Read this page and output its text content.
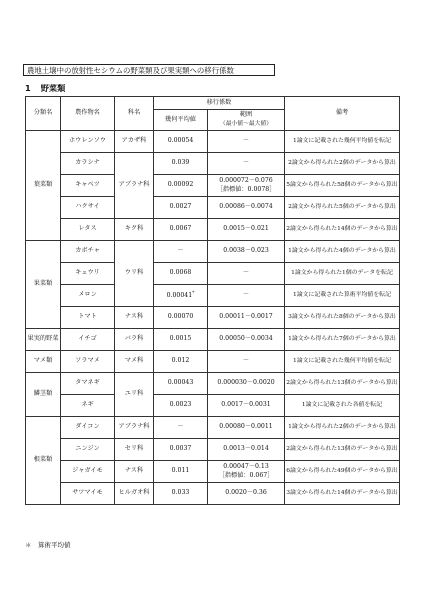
農地土壌中の放射性セシウムの野菜類及び果実類への移行係数
1 野菜類
分類名	農作物名	科名	移行係数		備考
			幾何平均値	範囲
（最小値～最大値）	
葉菜類	ホウレンソウ	アカザ科	0.00054	－	1論文に記載された幾何平均値を転記
	カラシナ	アブラナ科	0.039	－	2論文から得られた2個のデータから算出
	キャベツ		0.00092	0.000072－0.076
［指標値：0.0078］	5論文から得られた58個のデータから算出
	ハクサイ		0.0027	0.00086－0.0074	2論文から得られた5個のデータから算出
	レタス	キク科	0.0067	0.0015－0.021	2論文から得られた14個のデータから算出
果菜類	カボチャ	ウリ科	－	0.0038－0.023	1論文から得られた4個のデータから算出
	キュウリ		0.0068	－	1論文から得られた1個のデータを転記
	メロン		0.00041*	－	1論文に記載された算術平均値を転記
	トマト	ナス科	0.00070	0.00011－0.0017	3論文から得られた8個のデータから算出
果実的野菜	イチゴ	バラ科	0.0015	0.00050－0.0034	1論文から得られた7個のデータから算出
マメ類	ソラマメ	マメ科	0.012	－	1論文に記載された幾何平均値を転記
鱗茎類	タマネギ	ユリ科	0.00043	0.000030－0.0020	2論文から得られた13個のデータから算出
	ネギ		0.0023	0.0017－0.0031	1論文に記載された各値を転記
根菜類	ダイコン	アブラナ科	－	0.00080－0.0011	1論文から得られた2個のデータから算出
	ニンジン	セリ科	0.0037	0.0013－0.014	2論文から得られた13個のデータから算出
	ジャガイモ	ナス科	0.011	0.00047－0.13
［指標値：0.067］	6論文から得られた49個のデータから算出
	サツマイモ	ヒルガオ科	0.033	0.0020－0.36	3論文から得られた14個のデータから算出
＊　算術平均値
